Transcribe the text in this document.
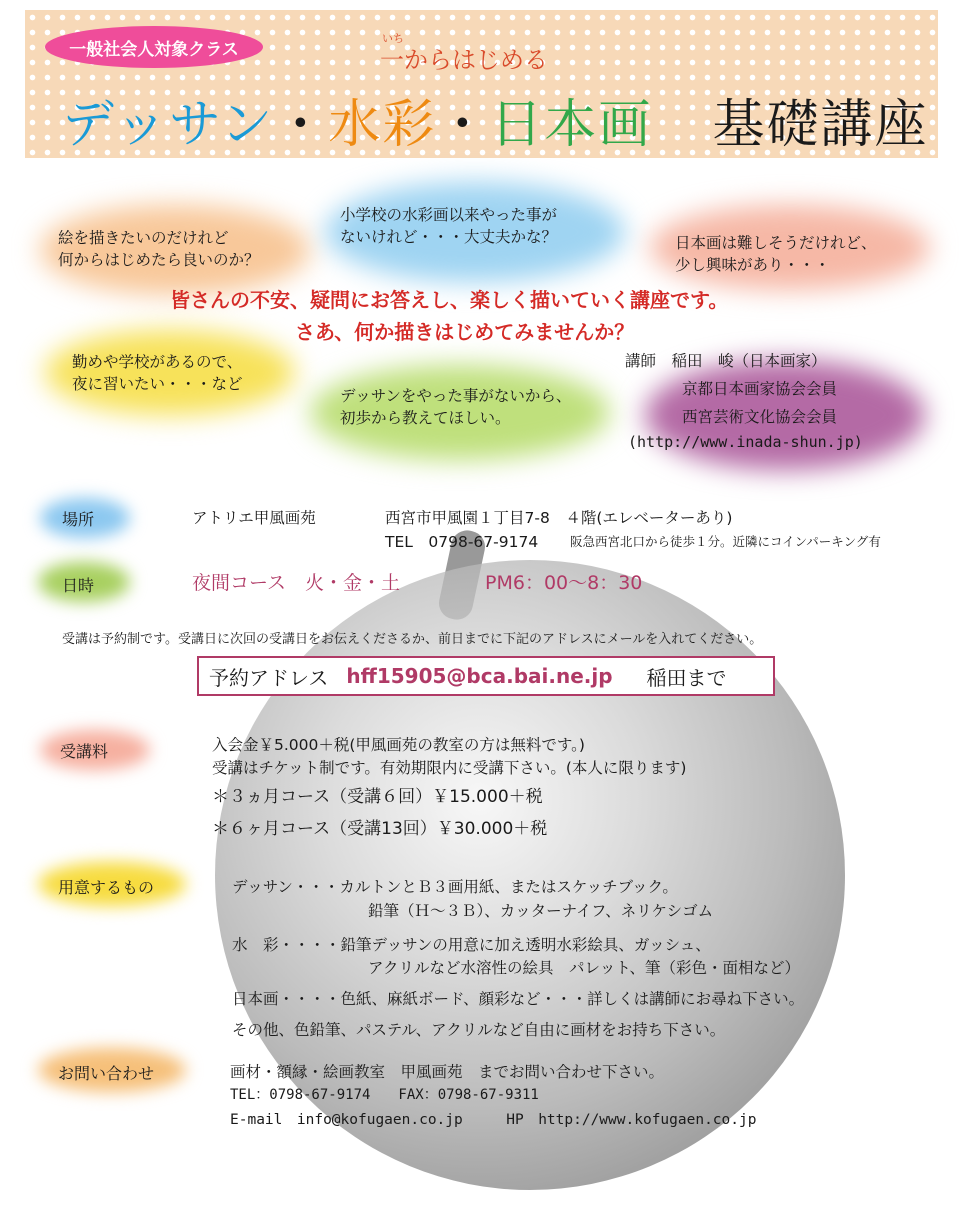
一般社会人対象クラス
いち
一からはじめる
デッサン・水彩・日本画 基礎講座
絵を描きたいのだけれど
何からはじめたら良いのか？
小学校の水彩画以来やった事が
ないけれど・・・大丈夫かな？	日本画は難しそうだけれど、
少し興味があり・・・
勤めや学校があるので、
夜に習いたい・・・など
デッサンをやった事がないから、
初歩から教えてほしい。
皆さんの不安、疑問にお答えし、楽しく描いていく講座です。
さあ、何か描きはじめてみませんか？
講師　稲田　峻（日本画家）
京都日本画家協会会員
西宮芸術文化協会会員
(http://www.inada-shun.jp)
場所	アトリエ甲風画苑	西宮市甲風園１丁目7-8　４階(エレベーターあり)
TEL　0798-67-9174	阪急西宮北口から徒歩１分。近隣にコインパーキング有
日時	夜間コース　火・金・土	PM6：00～8：30
受講は予約制です。受講日に次回の受講日をお伝えくださるか、前日までに下記のアドレスにメールを入れてください。
予約アドレス hff15905@bca.bai.ne.jp 稲田まで
受講料	入会金￥5.000＋税(甲風画苑の教室の方は無料です。)
受講はチケット制です。有効期限内に受講下さい。(本人に限ります)
＊３ヵ月コース（受講６回）￥15.000＋税
＊６ヶ月コース（受講13回）￥30.000＋税
用意するもの	デッサン・・・カルトンとＢ３画用紙、またはスケッチブック。
鉛筆（Ｈ～３Ｂ）、カッターナイフ、ネリケシゴム
水　彩・・・・鉛筆デッサンの用意に加え透明水彩絵具、ガッシュ、
アクリルなど水溶性の絵具　パレット、筆（彩色・面相など）
日本画・・・・色紙、麻紙ボード、顔彩など・・・詳しくは講師にお尋ね下さい。
その他、色鉛筆、パステル、アクリルなど自由に画材をお持ち下さい。
お問い合わせ	画材・額縁・絵画教室　甲風画苑　までお問い合わせ下さい。
TEL：0798-67-9174　　FAX：0798-67-9311
E-mail　info@kofugaen.co.jp　　　HP　http://www.kofugaen.co.jp
